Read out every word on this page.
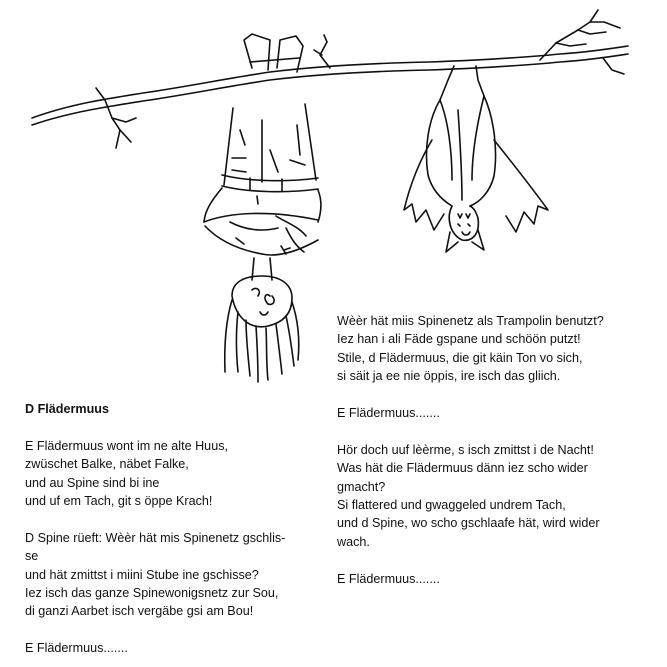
D Flädermuus

E Flädermuus wont im ne alte Huus,

zwüschet Balke, näbet Falke,

und au Spine sind bi ine

und uf em Tach, git s öppe Krach!

D Spine rüeft: Wèèr hät mis Spinenetz gschlis-

se

und hät zmittst i miini Stube ine gschisse?

Iez isch das ganze Spinewonigsnetz zur Sou,

di ganzi Aarbet isch vergäbe gsi am Bou!

E Flädermuus.......

Wèèr hät miis Spinenetz als Trampolin benutzt?

Iez han i ali Fäde gspane und schöön putzt!

Stile, d Flädermuus, die git käin Ton vo sich,

si säit ja ee nie öppis, ire isch das gliich.

E Flädermuus.......

Hör doch uuf lèèrme, s isch zmittst i de Nacht!

Was hät die Flädermuus dänn iez scho wider

gmacht?

Si flattered und gwaggeled undrem Tach,

und d Spine, wo scho gschlaafe hät, wird wider

wach.

E Flädermuus.......
